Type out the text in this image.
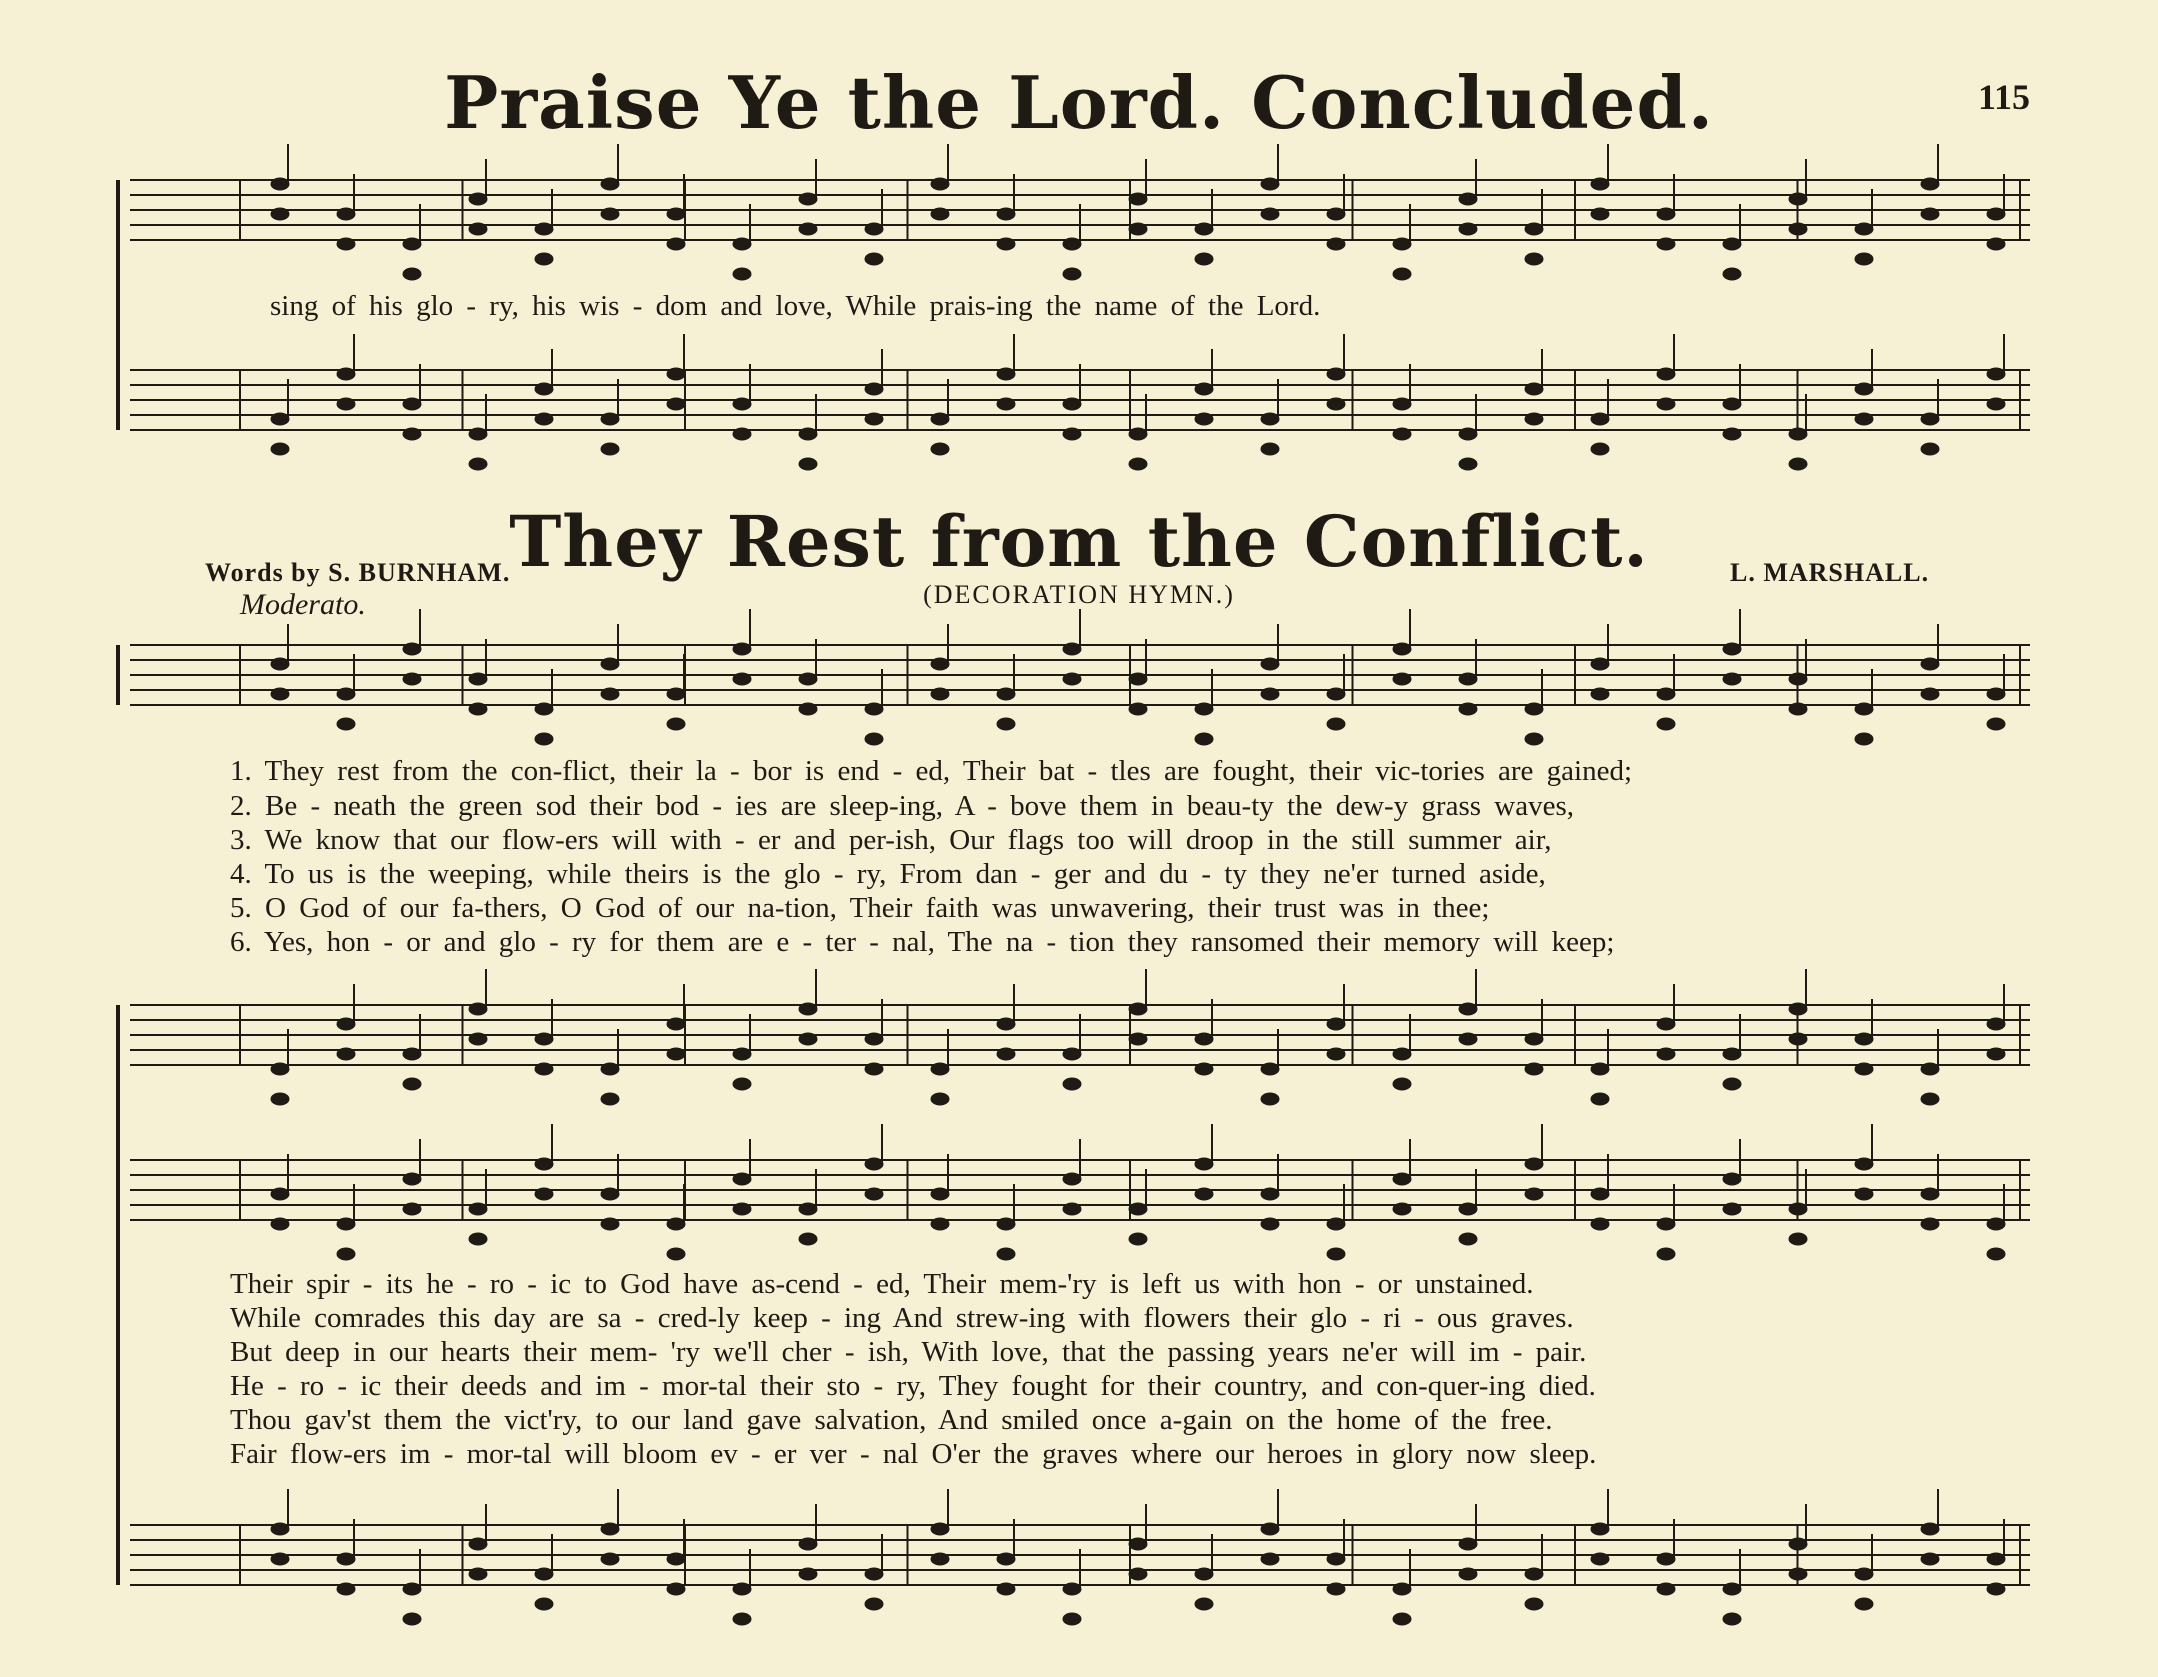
Praise Ye the Lord. Concluded.	115
sing of his glo - ry, his wis - dom and love, While prais-ing the name of the Lord.
They Rest from the Conflict.
Words by S. BURNHAM.	L. MARSHALL.
(DECORATION HYMN.)
Moderato.
1. They rest from the con-flict, their la - bor is end - ed, Their bat - tles are fought, their vic-tories are gained;
2. Be - neath the green sod their bod - ies are sleep-ing, A - bove them in beau-ty the dew-y grass waves,
3. We know that our flow-ers will with - er and per-ish, Our flags too will droop in the still summer air,
4. To us is the weeping, while theirs is the glo - ry, From dan - ger and du - ty they ne'er turned aside,
5. O God of our fa-thers, O God of our na-tion, Their faith was unwavering, their trust was in thee;
6. Yes, hon - or and glo - ry for them are e - ter - nal, The na - tion they ransomed their memory will keep;
Their spir - its he - ro - ic to God have as-cend - ed, Their mem-'ry is left us with hon - or unstained.
While comrades this day are sa - cred-ly keep - ing And strew-ing with flowers their glo - ri - ous graves.
But deep in our hearts their mem- 'ry we'll cher - ish, With love, that the passing years ne'er will im - pair.
He - ro - ic their deeds and im - mor-tal their sto - ry, They fought for their country, and con-quer-ing died.
Thou gav'st them the vict'ry, to our land gave salvation, And smiled once a-gain on the home of the free.
Fair flow-ers im - mor-tal will bloom ev - er ver - nal O'er the graves where our heroes in glory now sleep.
